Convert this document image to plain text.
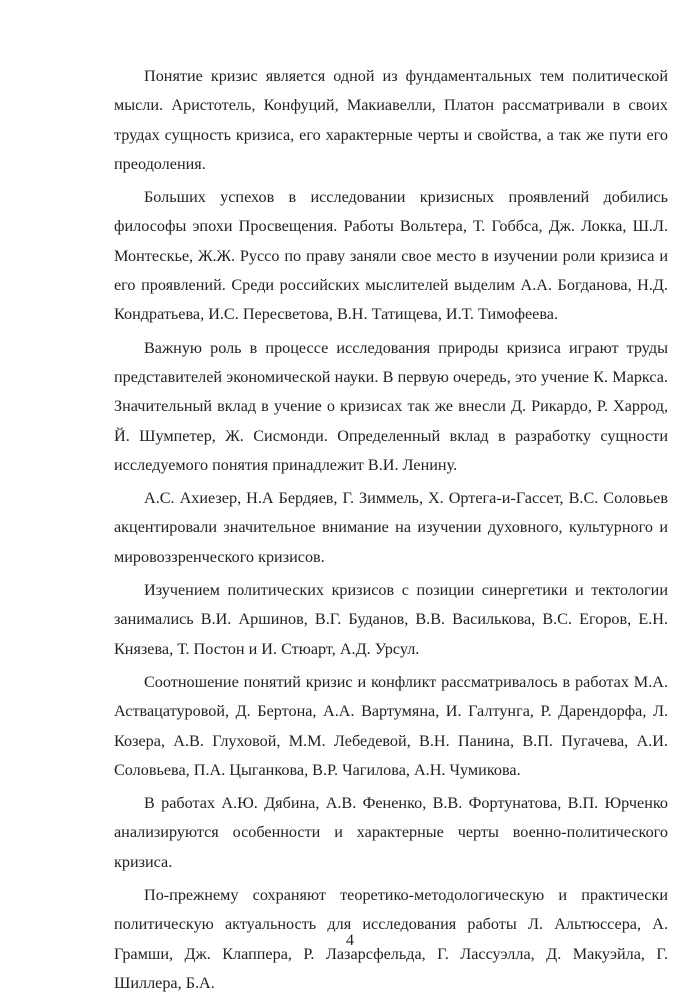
Понятие кризис является одной из фундаментальных тем политической мысли. Аристотель, Конфуций, Макиавелли, Платон рассматривали в своих трудах сущность кризиса, его характерные черты и свойства, а так же пути его преодоления.

Больших успехов в исследовании кризисных проявлений добились философы эпохи Просвещения. Работы Вольтера, Т. Гоббса, Дж. Локка, Ш.Л. Монтескье, Ж.Ж. Руссо по праву заняли свое место в изучении роли кризиса и его проявлений. Среди российских мыслителей выделим А.А. Богданова, Н.Д. Кондратьева, И.С. Пересветова, В.Н. Татищева, И.Т. Тимофеева.

Важную роль в процессе исследования природы кризиса играют труды представителей экономической науки. В первую очередь, это учение К. Маркса. Значительный вклад в учение о кризисах так же внесли Д. Рикардо, Р. Харрод, Й. Шумпетер, Ж. Сисмонди. Определенный вклад в разработку сущности исследуемого понятия принадлежит В.И. Ленину.

А.С. Ахиезер, Н.А Бердяев, Г. Зиммель, Х. Ортега-и-Гассет, В.С. Соловьев акцентировали значительное внимание на изучении духовного, культурного и мировоззренческого кризисов.

Изучением политических кризисов с позиции синергетики и тектологии занимались В.И. Аршинов, В.Г. Буданов, В.В. Василькова, В.С. Егоров, Е.Н. Князева, Т. Постон и И. Стюарт, А.Д. Урсул.

Соотношение понятий кризис и конфликт рассматривалось в работах М.А. Аствацатуровой, Д. Бертона, А.А. Вартумяна, И. Галтунга, Р. Дарендорфа, Л. Козера, А.В. Глуховой, М.М. Лебедевой, В.Н. Панина, В.П. Пугачева, А.И. Соловьева, П.А. Цыганкова, В.Р. Чагилова, А.Н. Чумикова.

В работах А.Ю. Дябина, А.В. Фененко, В.В. Фортунатова, В.П. Юрченко анализируются особенности и характерные черты военно-политического кризиса.

По-прежнему сохраняют теоретико-методологическую и практически политическую актуальность для исследования работы Л. Альтюссера, А. Грамши, Дж. Клаппера, Р. Лазарсфельда, Г. Лассуэлла, Д. Макуэйла, Г. Шиллера, Б.А.

4
